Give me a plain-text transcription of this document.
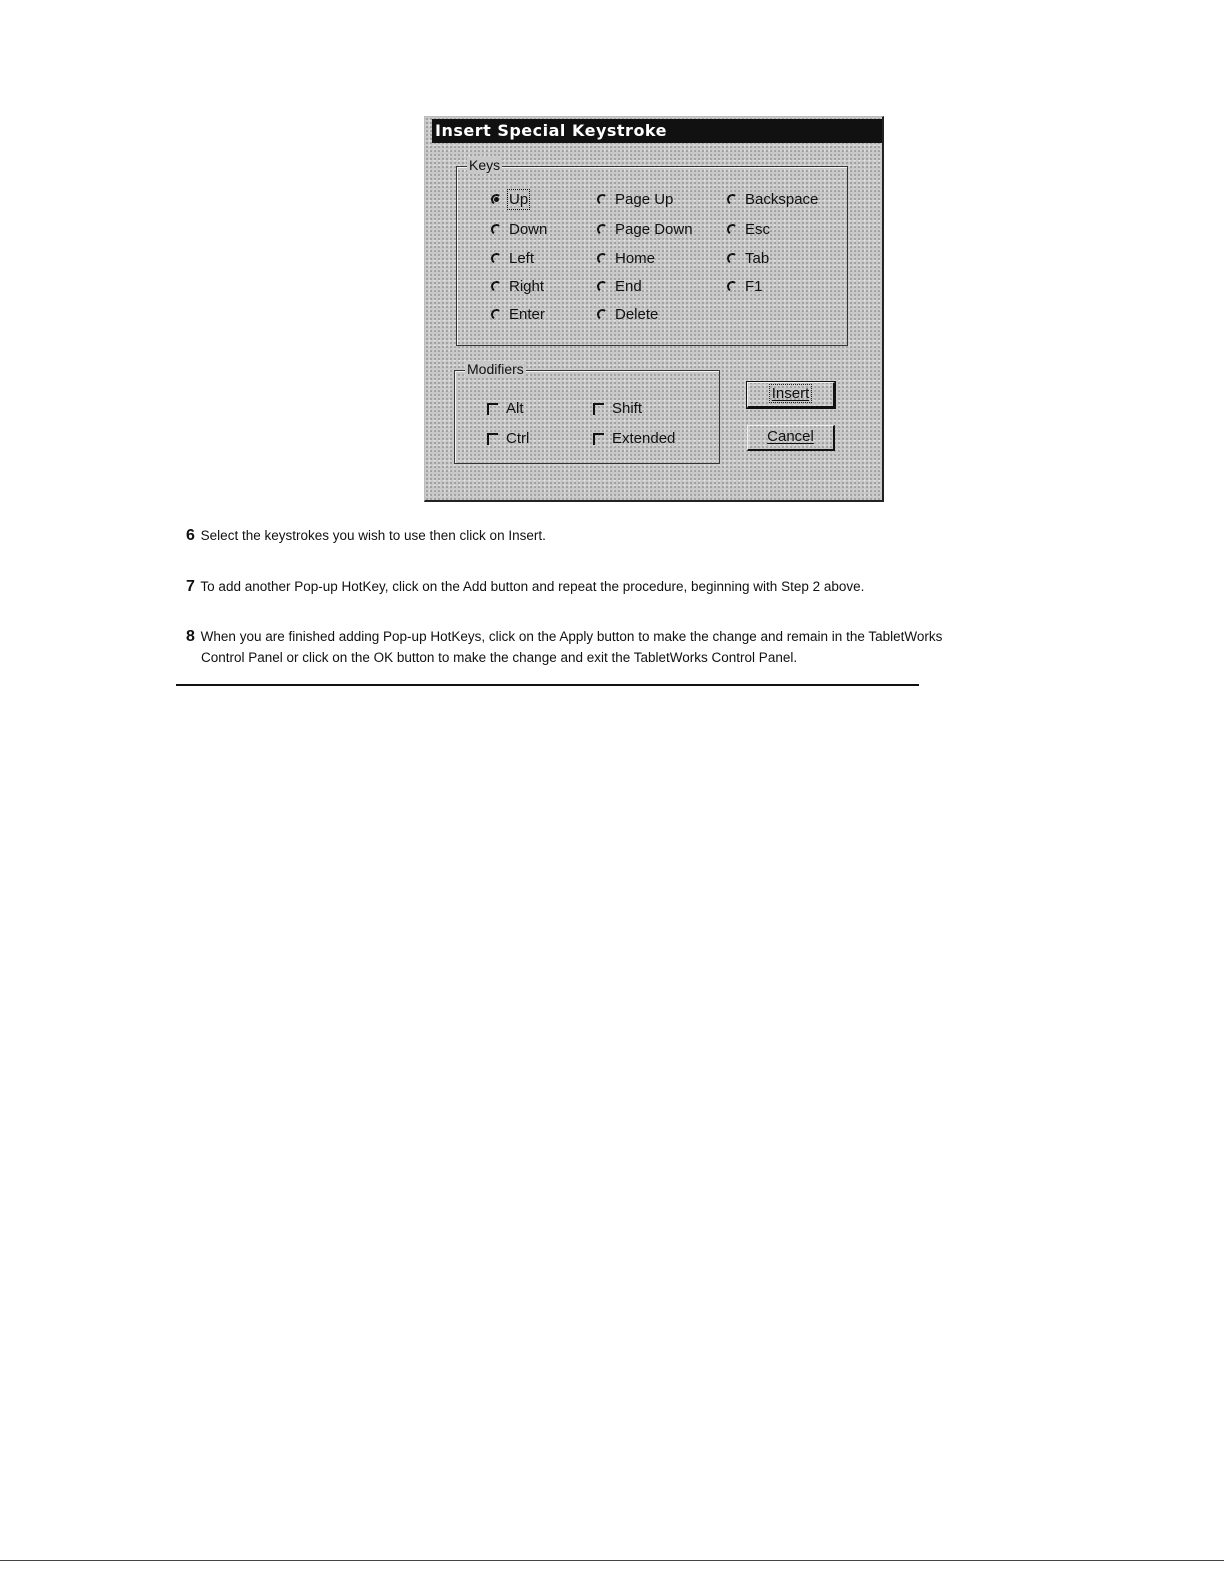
Insert Special Keystroke
Keys
Up
Down
Left
Right
Enter
Page Up
Page Down
Home
End
Delete
Backspace
Esc
Tab
F1
Modifiers
Alt
Ctrl
Shift
Extended
Insert
Cancel
6 Select the keystrokes you wish to use then click on Insert.
7 To add another Pop-up HotKey, click on the Add button and repeat the procedure, beginning with Step 2 above.
8 When you are finished adding Pop-up HotKeys, click on the Apply button to make the change and remain in the TabletWorks
Control Panel or click on the OK button to make the change and exit the TabletWorks Control Panel.
